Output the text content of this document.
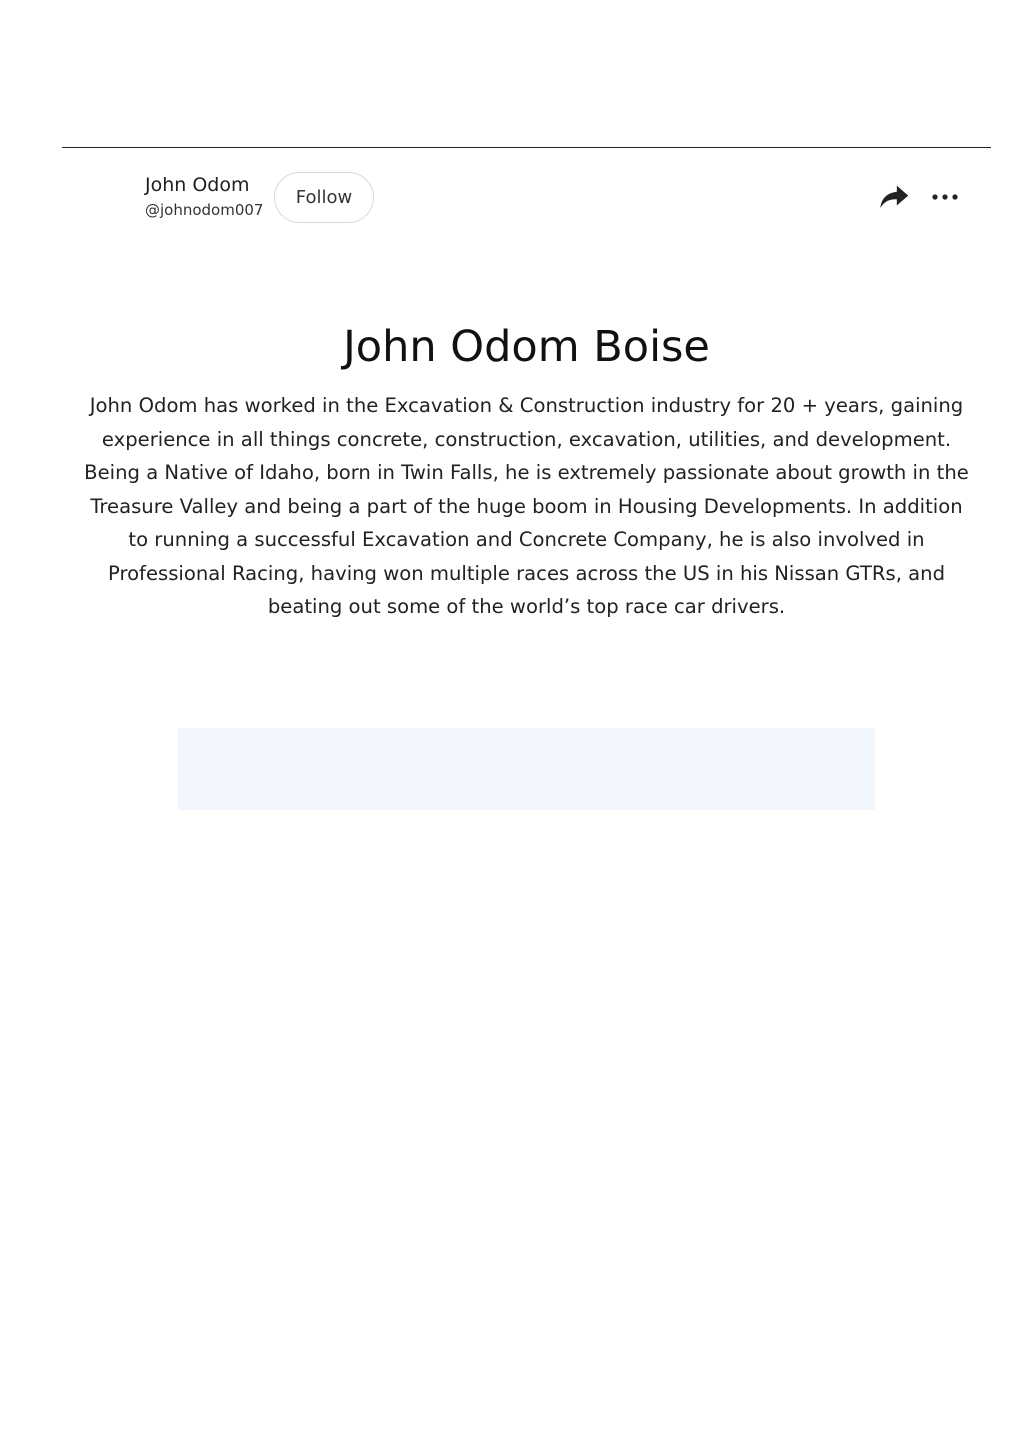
John Odom
@johnodom007
Follow
John Odom Boise

John Odom has worked in the Excavation & Construction industry for 20 + years, gaining experience in all things concrete, construction, excavation, utilities, and development. Being a Native of Idaho, born in Twin Falls, he is extremely passionate about growth in the Treasure Valley and being a part of the huge boom in Housing Developments. In addition to running a successful Excavation and Concrete Company, he is also involved in Professional Racing, having won multiple races across the US in his Nissan GTRs, and beating out some of the world’s top race car drivers.
